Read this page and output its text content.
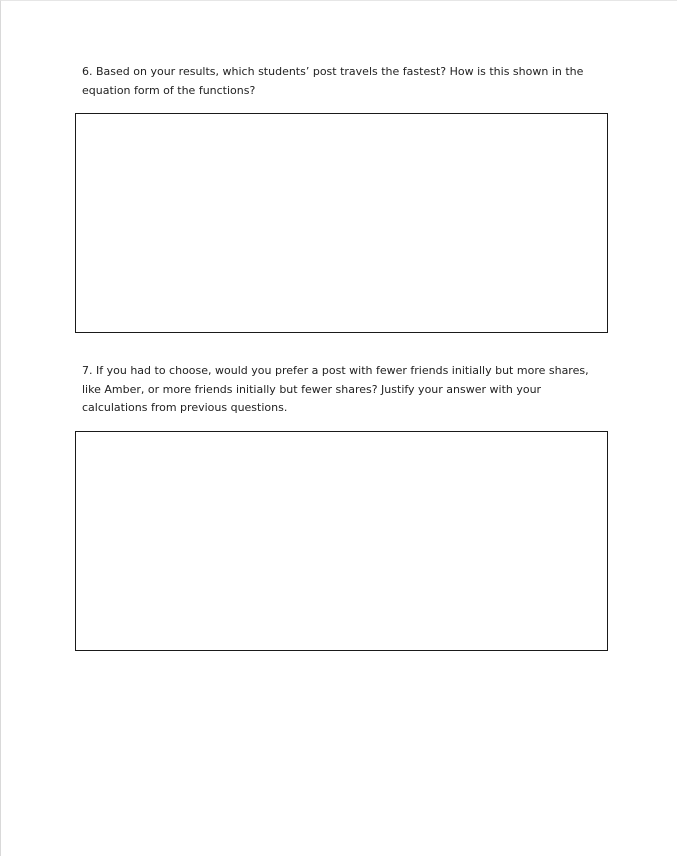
6. Based on your results, which students’ post travels the fastest? How is this shown in the equation form of the functions?

7. If you had to choose, would you prefer a post with fewer friends initially but more shares, like Amber, or more friends initially but fewer shares? Justify your answer with your calculations from previous questions.
